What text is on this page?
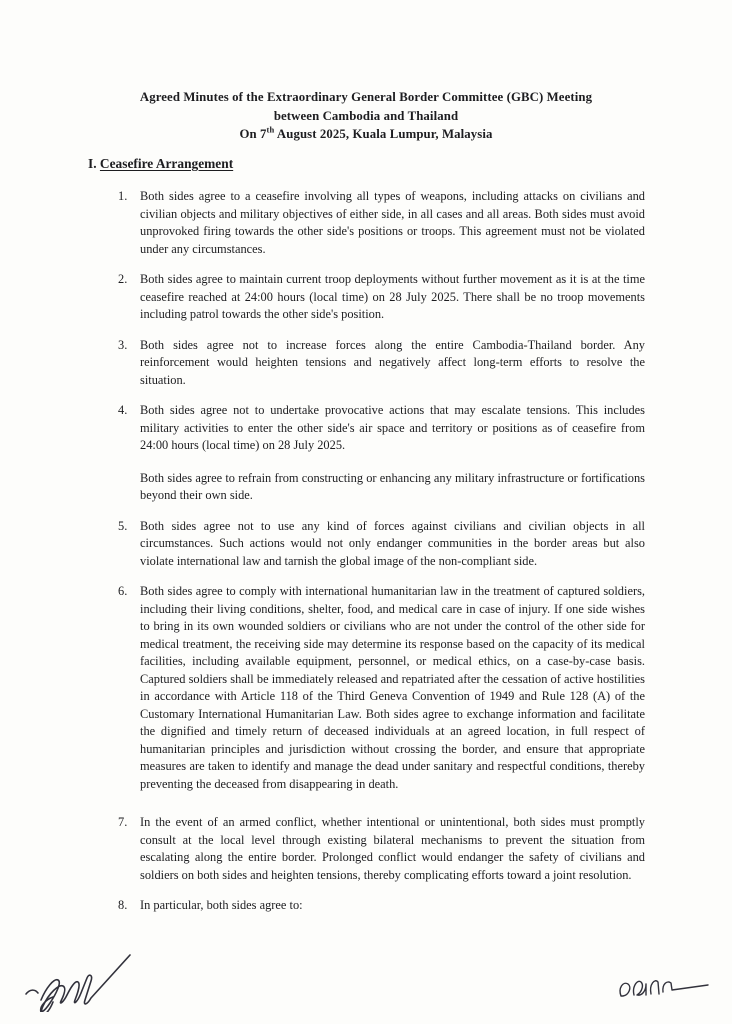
Agreed Minutes of the Extraordinary General Border Committee (GBC) Meeting
between Cambodia and Thailand
On 7th August 2025, Kuala Lumpur, Malaysia
I. Ceasefire Arrangement
1.	Both sides agree to a ceasefire involving all types of weapons, including attacks on civilians and civilian objects and military objectives of either side, in all cases and all areas. Both sides must avoid unprovoked firing towards the other side's positions or troops. This agreement must not be violated under any circumstances.

2.	Both sides agree to maintain current troop deployments without further movement as it is at the time ceasefire reached at 24:00 hours (local time) on 28 July 2025. There shall be no troop movements including patrol towards the other side's position.

3.	Both sides agree not to increase forces along the entire Cambodia-Thailand border. Any reinforcement would heighten tensions and negatively affect long-term efforts to resolve the situation.

4.	Both sides agree not to undertake provocative actions that may escalate tensions. This includes military activities to enter the other side's air space and territory or positions as of ceasefire from 24:00 hours (local time) on 28 July 2025.

Both sides agree to refrain from constructing or enhancing any military infrastructure or fortifications beyond their own side.

5.	Both sides agree not to use any kind of forces against civilians and civilian objects in all circumstances. Such actions would not only endanger communities in the border areas but also violate international law and tarnish the global image of the non-compliant side.

6.	Both sides agree to comply with international humanitarian law in the treatment of captured soldiers, including their living conditions, shelter, food, and medical care in case of injury. If one side wishes to bring in its own wounded soldiers or civilians who are not under the control of the other side for medical treatment, the receiving side may determine its response based on the capacity of its medical facilities, including available equipment, personnel, or medical ethics, on a case-by-case basis. Captured soldiers shall be immediately released and repatriated after the cessation of active hostilities in accordance with Article 118 of the Third Geneva Convention of 1949 and Rule 128 (A) of the Customary International Humanitarian Law. Both sides agree to exchange information and facilitate the dignified and timely return of deceased individuals at an agreed location, in full respect of humanitarian principles and jurisdiction without crossing the border, and ensure that appropriate measures are taken to identify and manage the dead under sanitary and respectful conditions, thereby preventing the deceased from disappearing in death.

7.	In the event of an armed conflict, whether intentional or unintentional, both sides must promptly consult at the local level through existing bilateral mechanisms to prevent the situation from escalating along the entire border. Prolonged conflict would endanger the safety of civilians and soldiers on both sides and heighten tensions, thereby complicating efforts toward a joint resolution.

8.	In particular, both sides agree to:
